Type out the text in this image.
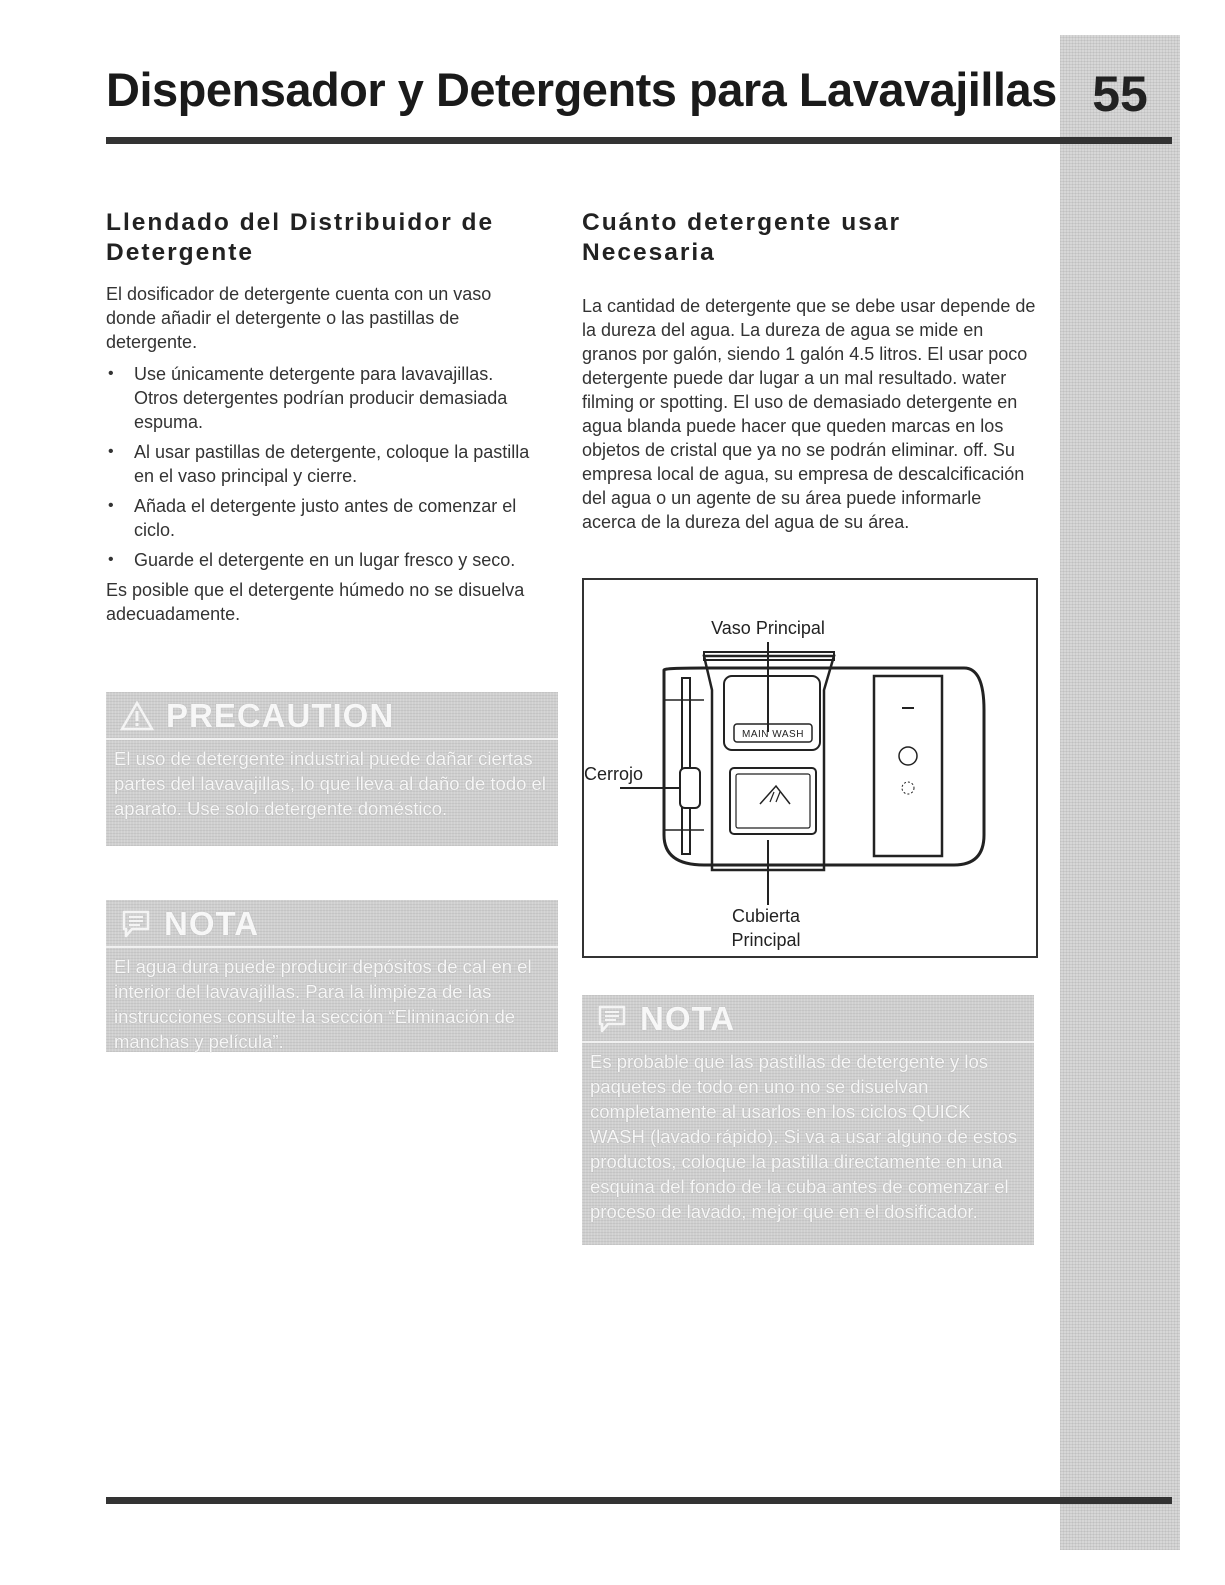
Dispensador y Detergents para Lavavajillas 55
Llendado del Distribuidor de Detergente

El dosificador de detergente cuenta con un vaso donde añadir el detergente o las pastillas de detergente.

• Use únicamente detergente para lavavajillas. Otros detergentes podrían producir demasiada espuma.
• Al usar pastillas de detergente, coloque la pastilla en el vaso principal y cierre.
• Añada el detergente justo antes de comenzar el ciclo.
• Guarde el detergente en un lugar fresco y seco.

Es posible que el detergente húmedo no se disuelva adecuadamente.

PRECAUTION
El uso de detergente industrial puede dañar ciertas partes del lavavajillas, lo que lleva al daño de todo el aparato. Use solo detergente doméstico.
NOTA
El agua dura puede producir depósitos de cal en el interior del lavavajillas. Para la limpieza de las instrucciones consulte la sección “Eliminación de manchas y película”.
Cuánto detergente usar Necesaria

La cantidad de detergente que se debe usar depende de la dureza del agua. La dureza de agua se mide en granos por galón, siendo 1 galón 4.5 litros. El usar poco detergente puede dar lugar a un mal resultado. water filming or spotting. El uso de demasiado detergente en agua blanda puede hacer que queden marcas en los objetos de cristal que ya no se podrán eliminar. off. Su empresa local de agua, su empresa de descalcificación del agua o un agente de su área puede informarle acerca de la dureza del agua de su área.

MAIN WASH
Vaso Principal
Cerrojo
Cubierta
Principal
NOTA
Es probable que las pastillas de detergente y los paquetes de todo en uno no se disuelvan completamente al usarlos en los ciclos QUICK WASH (lavado rápido). Si va a usar alguno de estos productos, coloque la pastilla directamente en una esquina del fondo de la cuba antes de comenzar el proceso de lavado, mejor que en el dosificador.
